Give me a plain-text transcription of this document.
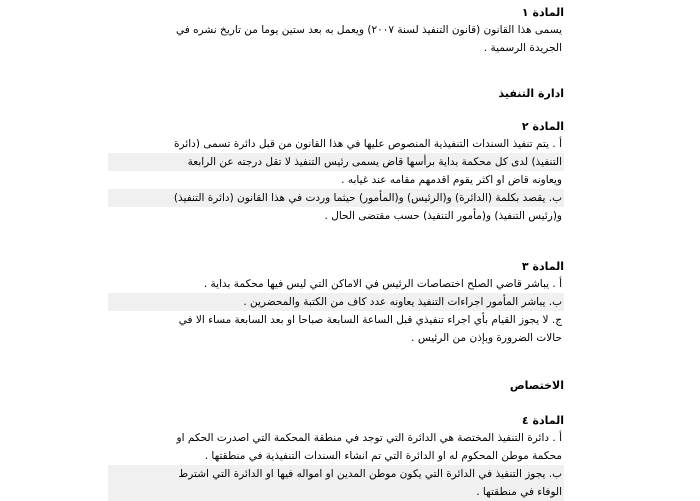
المادة ١
يسمى هذا القانون (قانون التنفيذ لسنة ٢٠٠٧) ويعمل به بعد ستين يوما من تاريخ نشره في
الجريدة الرسمية .
ادارة التنفيذ
المادة ٢
أ . يتم تنفيذ السندات التنفيذية المنصوص عليها في هذا القانون من قبل دائرة تسمى (دائرة
التنفيذ) لدى كل محكمة بداية برأسها قاض يسمى رئيس التنفيذ لا تقل درجته عن الرابعة
ويعاونه قاض او اكثر يقوم اقدمهم مقامه عند غيابه .
ب. يقصد بكلمة (الدائرة) و(الرئيس) و(المأمور) حيثما وردت في هذا القانون (دائرة التنفيذ)
و(رئيس التنفيذ) و(مأمور التنفيذ) حسب مقتضى الحال .
المادة ٣
أ . يباشر قاضي الصلح اختصاصات الرئيس في الاماكن التي ليس فيها محكمة بداية .
ب. يباشر المأمور اجراءات التنفيذ يعاونه عدد كاف من الكتبة والمحضرين .
ج. لا يجوز القيام بأي اجراء تنفيذي قبل الساعة السابعة صباحا او بعد السابعة مساء الا في
حالات الضرورة وبإذن من الرئيس .
الاختصاص
المادة ٤
أ . دائرة التنفيذ المختصة هي الدائرة التي توجد في منطقة المحكمة التي اصدرت الحكم او
محكمة موطن المحكوم له او الدائرة التي تم انشاء السندات التنفيذية في منطقتها .
ب. يجوز التنفيذ في الدائرة التي يكون موطن المدين او امواله فيها او الدائرة التي اشترط
الوفاء في منطقتها .
